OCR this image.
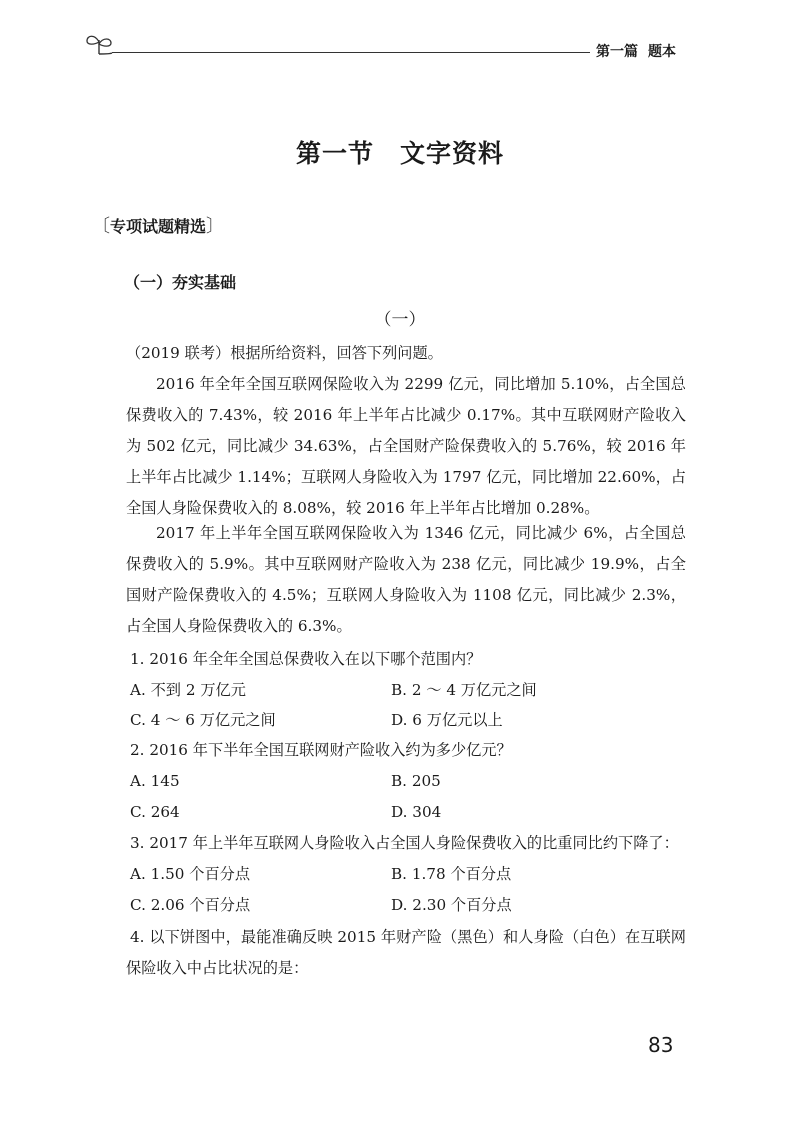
第一篇 题本
第一节　文字资料
〔专项试题精选〕
（一）夯实基础
（一）
（2019 联考）根据所给资料，回答下列问题。
2016 年全年全国互联网保险收入为 2299 亿元，同比增加 5.10%，占全国总保费收入的 7.43%，较 2016 年上半年占比减少 0.17%。其中互联网财产险收入为 502 亿元，同比减少 34.63%，占全国财产险保费收入的 5.76%，较 2016 年上半年占比减少 1.14%；互联网人身险收入为 1797 亿元，同比增加 22.60%，占全国人身险保费收入的 8.08%，较 2016 年上半年占比增加 0.28%。
2017 年上半年全国互联网保险收入为 1346 亿元，同比减少 6%，占全国总保费收入的 5.9%。其中互联网财产险收入为 238 亿元，同比减少 19.9%，占全国财产险保费收入的 4.5%；互联网人身险收入为 1108 亿元，同比减少 2.3%，占全国人身险保费收入的 6.3%。
1. 2016 年全年全国总保费收入在以下哪个范围内？
A. 不到 2 万亿元	B. 2 ～ 4 万亿元之间
C. 4 ～ 6 万亿元之间	D. 6 万亿元以上
2. 2016 年下半年全国互联网财产险收入约为多少亿元？
A. 145	B. 205
C. 264	D. 304
3. 2017 年上半年互联网人身险收入占全国人身险保费收入的比重同比约下降了：
A. 1.50 个百分点	B. 1.78 个百分点
C. 2.06 个百分点	D. 2.30 个百分点
4. 以下饼图中，最能准确反映 2015 年财产险（黑色）和人身险（白色）在互联网保险收入中占比状况的是：
83
